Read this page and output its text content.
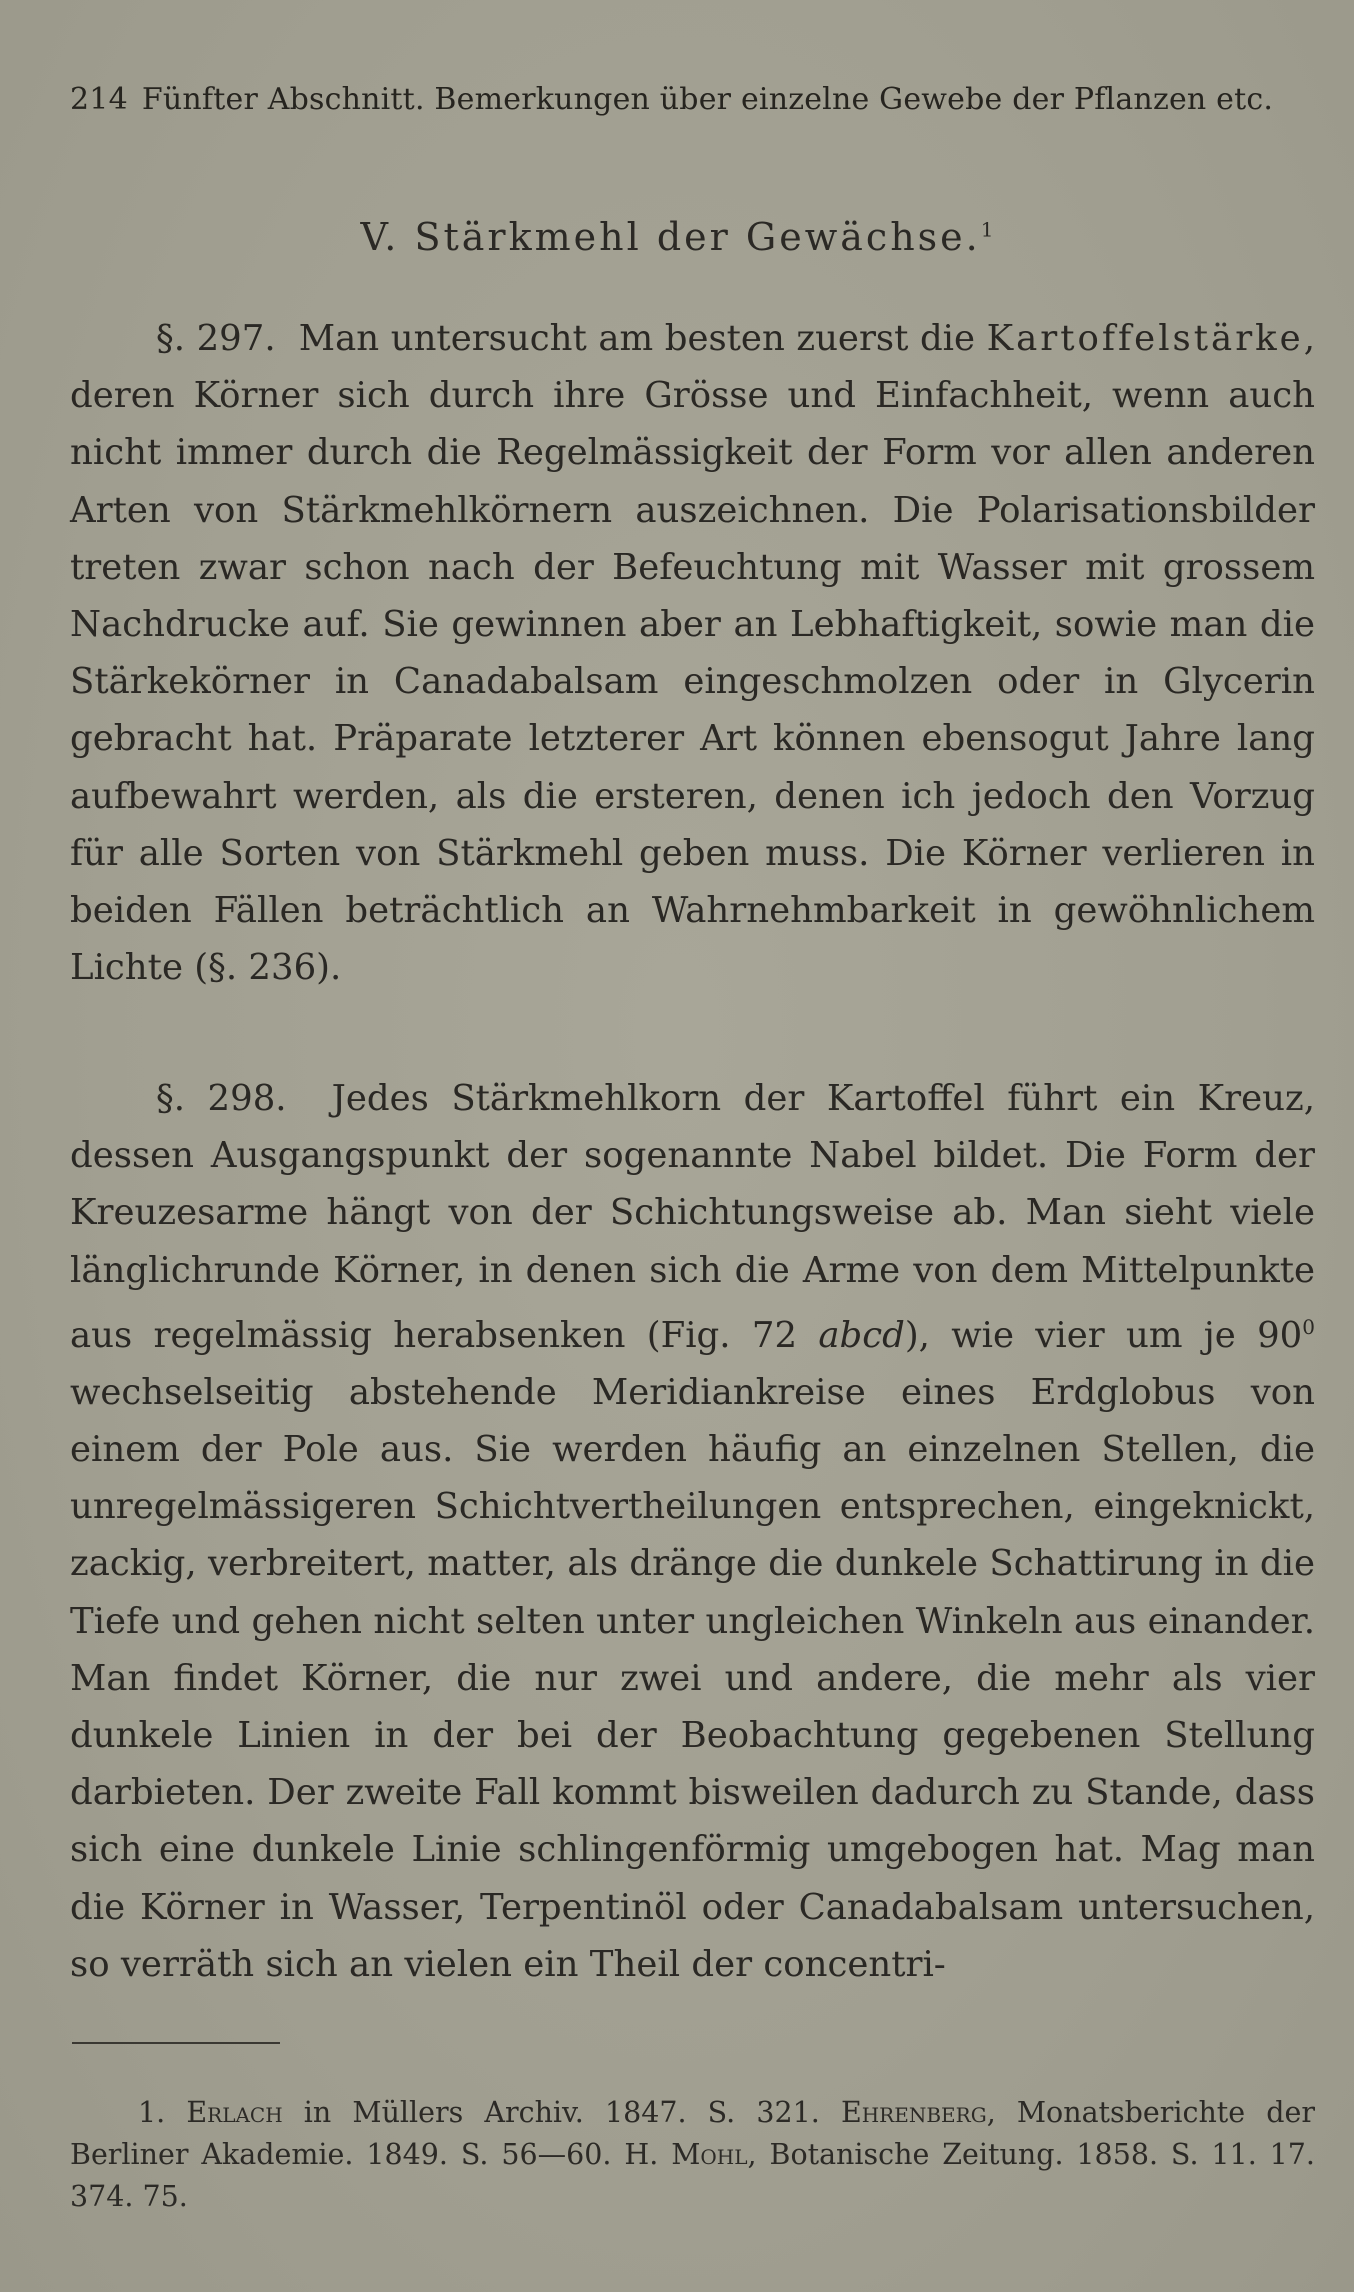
214 Fünfter Abschnitt. Bemerkungen über einzelne Gewebe der Pflanzen etc.
V. Stärkmehl der Gewächse.$^1$
§. 297. Man untersucht am besten zuerst die Kartoffelstärke, deren Körner sich durch ihre Grösse und Einfachheit, wenn auch nicht immer durch die Regelmässigkeit der Form vor allen anderen Arten von Stärkmehlkörnern auszeichnen. Die Polarisationsbilder treten zwar schon nach der Befeuchtung mit Wasser mit grossem Nachdrucke auf. Sie gewinnen aber an Lebhaftigkeit, sowie man die Stärkekörner in Canadabalsam eingeschmolzen oder in Glycerin gebracht hat. Präparate letzterer Art können ebensogut Jahre lang aufbewahrt werden, als die ersteren, denen ich jedoch den Vorzug für alle Sorten von Stärkmehl geben muss. Die Körner verlieren in beiden Fällen beträchtlich an Wahrnehmbarkeit in gewöhnlichem Lichte (§. 236).
§. 298. Jedes Stärkmehlkorn der Kartoffel führt ein Kreuz, dessen Ausgangspunkt der sogenannte Nabel bildet. Die Form der Kreuzesarme hängt von der Schichtungsweise ab. Man sieht viele länglichrunde Körner, in denen sich die Arme von dem Mittelpunkte aus regelmässig herabsenken (Fig. 72 abcd), wie vier um je $90^0$ wechselseitig abstehende Meridiankreise eines Erdglobus von einem der Pole aus. Sie werden häufig an einzelnen Stellen, die unregelmässigeren Schichtvertheilungen entsprechen, eingeknickt, zackig, verbreitert, matter, als dränge die dunkele Schattirung in die Tiefe und gehen nicht selten unter ungleichen Winkeln aus einander. Man findet Körner, die nur zwei und andere, die mehr als vier dunkele Linien in der bei der Beobachtung gegebenen Stellung darbieten. Der zweite Fall kommt bisweilen dadurch zu Stande, dass sich eine dunkele Linie schlingenförmig umgebogen hat. Mag man die Körner in Wasser, Terpentinöl oder Canadabalsam untersuchen, so verräth sich an vielen ein Theil der concentri-
1. Erlach in Müllers Archiv. 1847. S. 321. Ehrenberg, Monatsberichte der Berliner Akademie. 1849. S. 56—60. H. Mohl, Botanische Zeitung. 1858. S. 11. 17. 374. 75.
